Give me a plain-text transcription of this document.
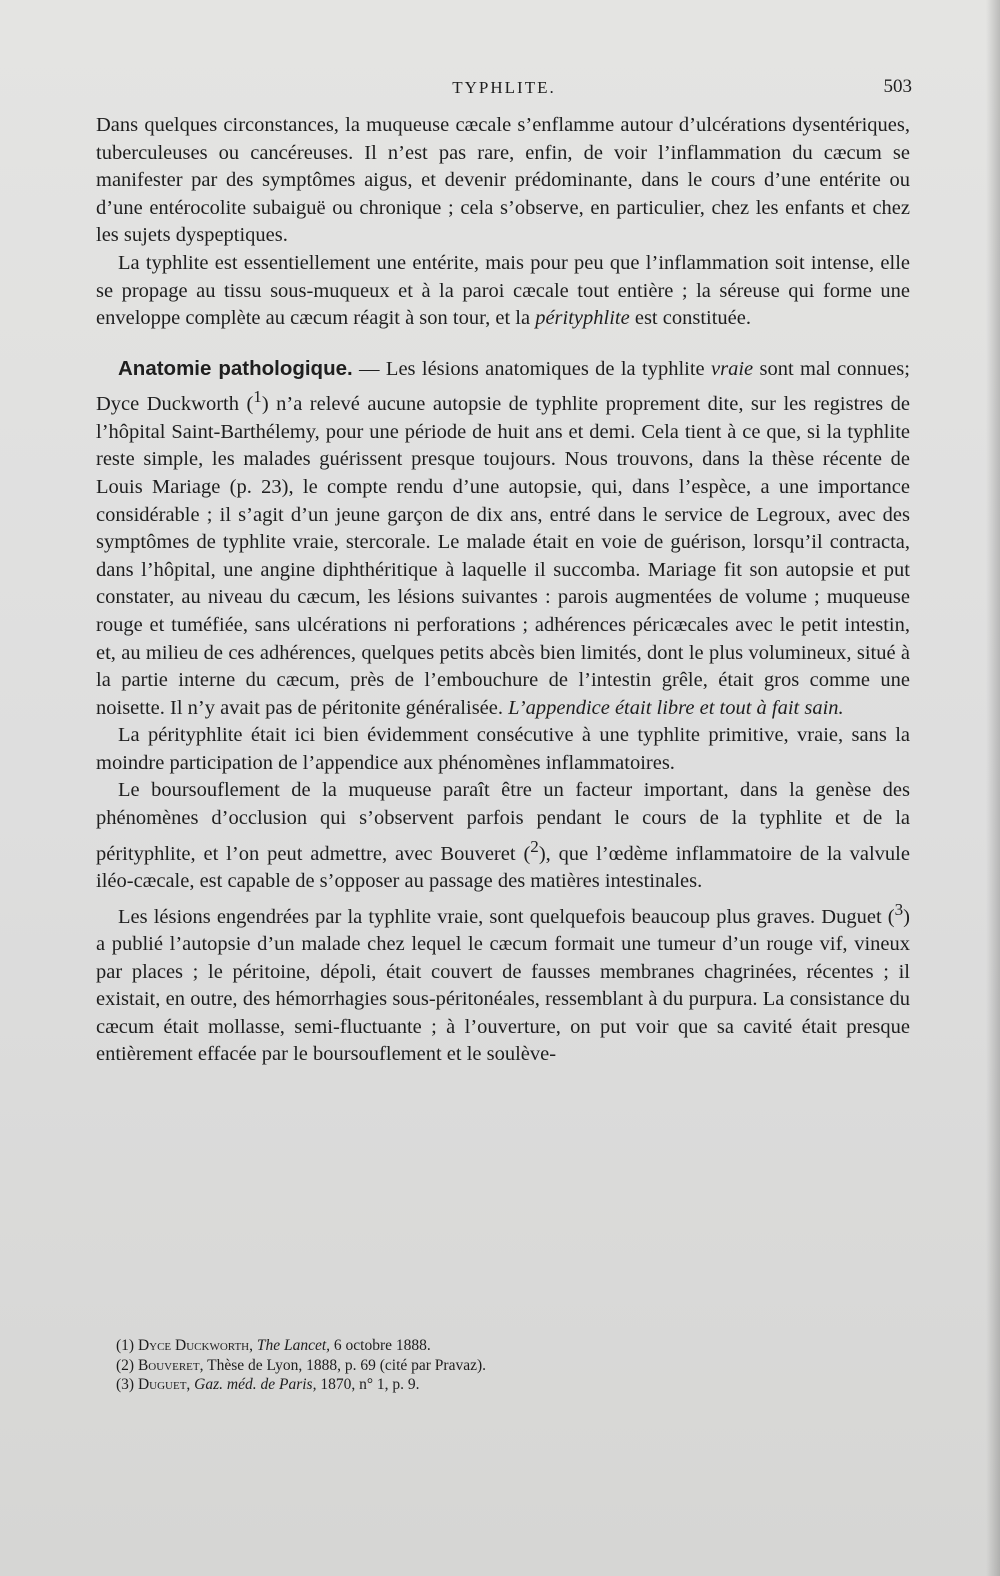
TYPHLITE.	503

Dans quelques circonstances, la muqueuse cæcale s’enflamme autour d’ulcérations dysentériques, tuberculeuses ou cancéreuses. Il n’est pas rare, enfin, de voir l’inflammation du cæcum se manifester par des symptômes aigus, et devenir prédominante, dans le cours d’une entérite ou d’une entérocolite subaiguë ou chronique ; cela s’observe, en particulier, chez les enfants et chez les sujets dyspeptiques.

La typhlite est essentiellement une entérite, mais pour peu que l’inflammation soit intense, elle se propage au tissu sous-muqueux et à la paroi cæcale tout entière ; la séreuse qui forme une enveloppe complète au cæcum réagit à son tour, et la pérityphlite est constituée.

Anatomie pathologique. — Les lésions anatomiques de la typhlite vraie sont mal connues; Dyce Duckworth ($^1$) n’a relevé aucune autopsie de typhlite proprement dite, sur les registres de l’hôpital Saint-Barthélemy, pour une période de huit ans et demi. Cela tient à ce que, si la typhlite reste simple, les malades guérissent presque toujours. Nous trouvons, dans la thèse récente de Louis Mariage (p. 23), le compte rendu d’une autopsie, qui, dans l’espèce, a une importance considérable ; il s’agit d’un jeune garçon de dix ans, entré dans le service de Legroux, avec des symptômes de typhlite vraie, stercorale. Le malade était en voie de guérison, lorsqu’il contracta, dans l’hôpital, une angine diphthéritique à laquelle il succomba. Mariage fit son autopsie et put constater, au niveau du cæcum, les lésions suivantes : parois augmentées de volume ; muqueuse rouge et tuméfiée, sans ulcérations ni perforations ; adhérences péricæcales avec le petit intestin, et, au milieu de ces adhérences, quelques petits abcès bien limités, dont le plus volumineux, situé à la partie interne du cæcum, près de l’embouchure de l’intestin grêle, était gros comme une noisette. Il n’y avait pas de péritonite généralisée. L’appendice était libre et tout à fait sain.

La pérityphlite était ici bien évidemment consécutive à une typhlite primitive, vraie, sans la moindre participation de l’appendice aux phénomènes inflammatoires.

Le boursouflement de la muqueuse paraît être un facteur important, dans la genèse des phénomènes d’occlusion qui s’observent parfois pendant le cours de la typhlite et de la pérityphlite, et l’on peut admettre, avec Bouveret ($^2$), que l’œdème inflammatoire de la valvule iléo-cæcale, est capable de s’opposer au passage des matières intestinales.

Les lésions engendrées par la typhlite vraie, sont quelquefois beaucoup plus graves. Duguet ($^3$) a publié l’autopsie d’un malade chez lequel le cæcum formait une tumeur d’un rouge vif, vineux par places ; le péritoine, dépoli, était couvert de fausses membranes chagrinées, récentes ; il existait, en outre, des hémorrhagies sous-péritonéales, ressemblant à du purpura. La consistance du cæcum était mollasse, semi-fluctuante ; à l’ouverture, on put voir que sa cavité était presque entièrement effacée par le boursouflement et le soulève-

(1) Dyce Duckworth, The Lancet, 6 octobre 1888.
(2) Bouveret, Thèse de Lyon, 1888, p. 69 (cité par Pravaz).
(3) Duguet, Gaz. méd. de Paris, 1870, n° 1, p. 9.
